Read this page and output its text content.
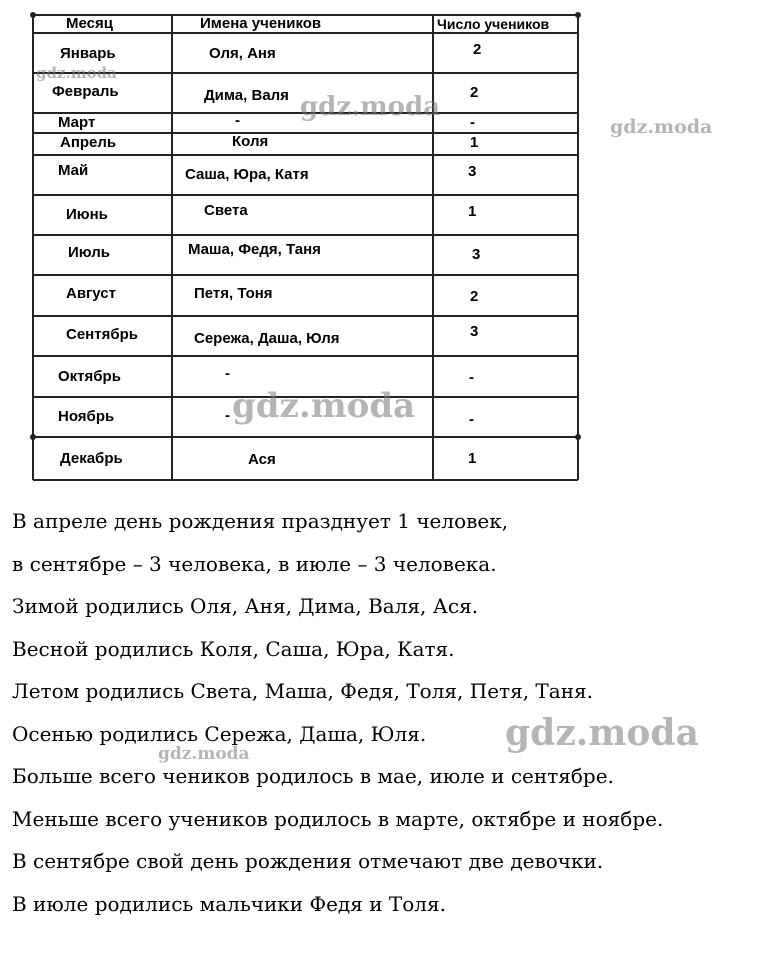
Месяц	Имена учеников	Число учеников
Январь	Оля, Аня	2
Февраль	Дима, Валя	2
Март	-	-
Апрель	Коля	1
Май	Саша, Юра, Катя	3
Июнь	Света	1
Июль	Маша, Федя, Таня	3
Август	Петя, Тоня	2
Сентябрь	Сережа, Даша, Юля	3
Октябрь	-	-
Ноябрь	-	-
Декабрь	Ася	1
В апреле день рождения празднует 1 человек,
в сентябре – 3 человека, в июле – 3 человека.
Зимой родились Оля, Аня, Дима, Валя, Ася.
Весной родились Коля, Саша, Юра, Катя.
Летом родились Света, Маша, Федя, Толя, Петя, Таня.
Осенью родились Сережа, Даша, Юля.
Больше всего чеников родилось в мае, июле и сентябре.
Меньше всего учеников родилось в марте, октябре и ноябре.
В сентябре свой день рождения отмечают две девочки.
В июле родились мальчики Федя и Толя.
gdz.moda
gdz.moda
gdz.moda
gdz.moda
gdz.moda
gdz.moda
